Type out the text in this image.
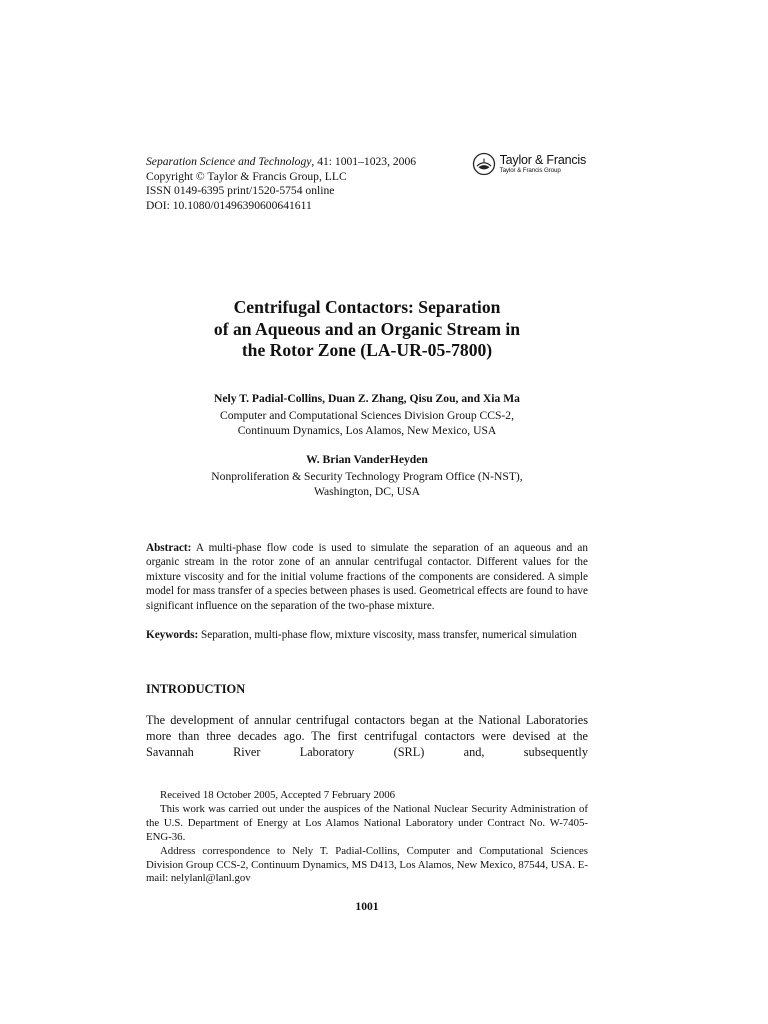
Separation Science and Technology, 41: 1001–1023, 2006
Copyright © Taylor & Francis Group, LLC
ISSN 0149-6395 print/1520-5754 online
DOI: 10.1080/01496390600641611
Taylor & Francis
Taylor & Francis Group
Centrifugal Contactors: Separation
of an Aqueous and an Organic Stream in
the Rotor Zone (LA-UR-05-7800)
Nely T. Padial-Collins, Duan Z. Zhang, Qisu Zou, and Xia Ma
Computer and Computational Sciences Division Group CCS-2,
Continuum Dynamics, Los Alamos, New Mexico, USA
W. Brian VanderHeyden
Nonproliferation & Security Technology Program Office (N-NST),
Washington, DC, USA
Abstract: A multi-phase flow code is used to simulate the separation of an aqueous and an organic stream in the rotor zone of an annular centrifugal contactor. Different values for the mixture viscosity and for the initial volume fractions of the components are considered. A simple model for mass transfer of a species between phases is used. Geometrical effects are found to have significant influence on the separation of the two-phase mixture.
Keywords: Separation, multi-phase flow, mixture viscosity, mass transfer, numerical simulation
INTRODUCTION
The development of annular centrifugal contactors began at the National Laboratories more than three decades ago. The first centrifugal contactors were devised at the Savannah River Laboratory (SRL) and, subsequently

Received 18 October 2005, Accepted 7 February 2006

This work was carried out under the auspices of the National Nuclear Security Administration of the U.S. Department of Energy at Los Alamos National Laboratory under Contract No. W-7405-ENG-36.

Address correspondence to Nely T. Padial-Collins, Computer and Computational Sciences Division Group CCS-2, Continuum Dynamics, MS D413, Los Alamos, New Mexico, 87544, USA. E-mail: nelylanl@lanl.gov

1001
